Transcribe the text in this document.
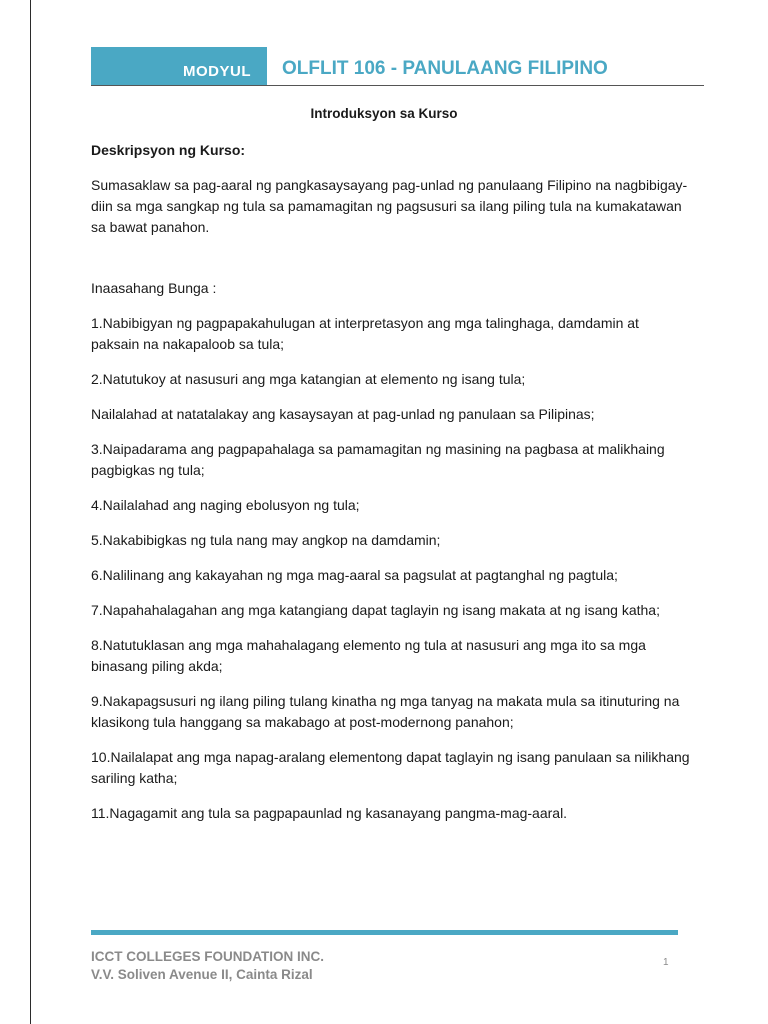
MODYUL OLFLIT 106 - PANULAANG FILIPINO
Introduksyon sa Kurso

Deskripsyon ng Kurso:

Sumasaklaw sa pag-aaral ng pangkasaysayang pag-unlad ng panulaang Filipino na nagbibigay-diin sa mga sangkap ng tula sa pamamagitan ng pagsusuri sa ilang piling tula na kumakatawan sa bawat panahon.

Inaasahang Bunga :

1.Nabibigyan ng pagpapakahulugan at interpretasyon ang mga talinghaga, damdamin at paksain na nakapaloob sa tula;

2.Natutukoy at nasusuri ang mga katangian at elemento ng isang tula;

Nailalahad at natatalakay ang kasaysayan at pag-unlad ng panulaan sa Pilipinas;

3.Naipadarama ang pagpapahalaga sa pamamagitan ng masining na pagbasa at malikhaing pagbigkas ng tula;

4.Nailalahad ang naging ebolusyon ng tula;

5.Nakabibigkas ng tula nang may angkop na damdamin;

6.Nalilinang ang kakayahan ng mga mag-aaral sa pagsulat at pagtanghal ng pagtula;

7.Napahahalagahan ang mga katangiang dapat taglayin ng isang makata at ng isang katha;

8.Natutuklasan ang mga mahahalagang elemento ng tula at nasusuri ang mga ito sa mga binasang piling akda;

9.Nakapagsusuri ng ilang piling tulang kinatha ng mga tanyag na makata mula sa itinuturing na klasikong tula hanggang sa makabago at post-modernong panahon;

10.Nailalapat ang mga napag-aralang elementong dapat taglayin ng isang panulaan sa nilikhang sariling katha;

11.Nagagamit ang tula sa pagpapaunlad ng kasanayang pangma-mag-aaral.

ICCT COLLEGES FOUNDATION INC.
V.V. Soliven Avenue II, Cainta Rizal
1
